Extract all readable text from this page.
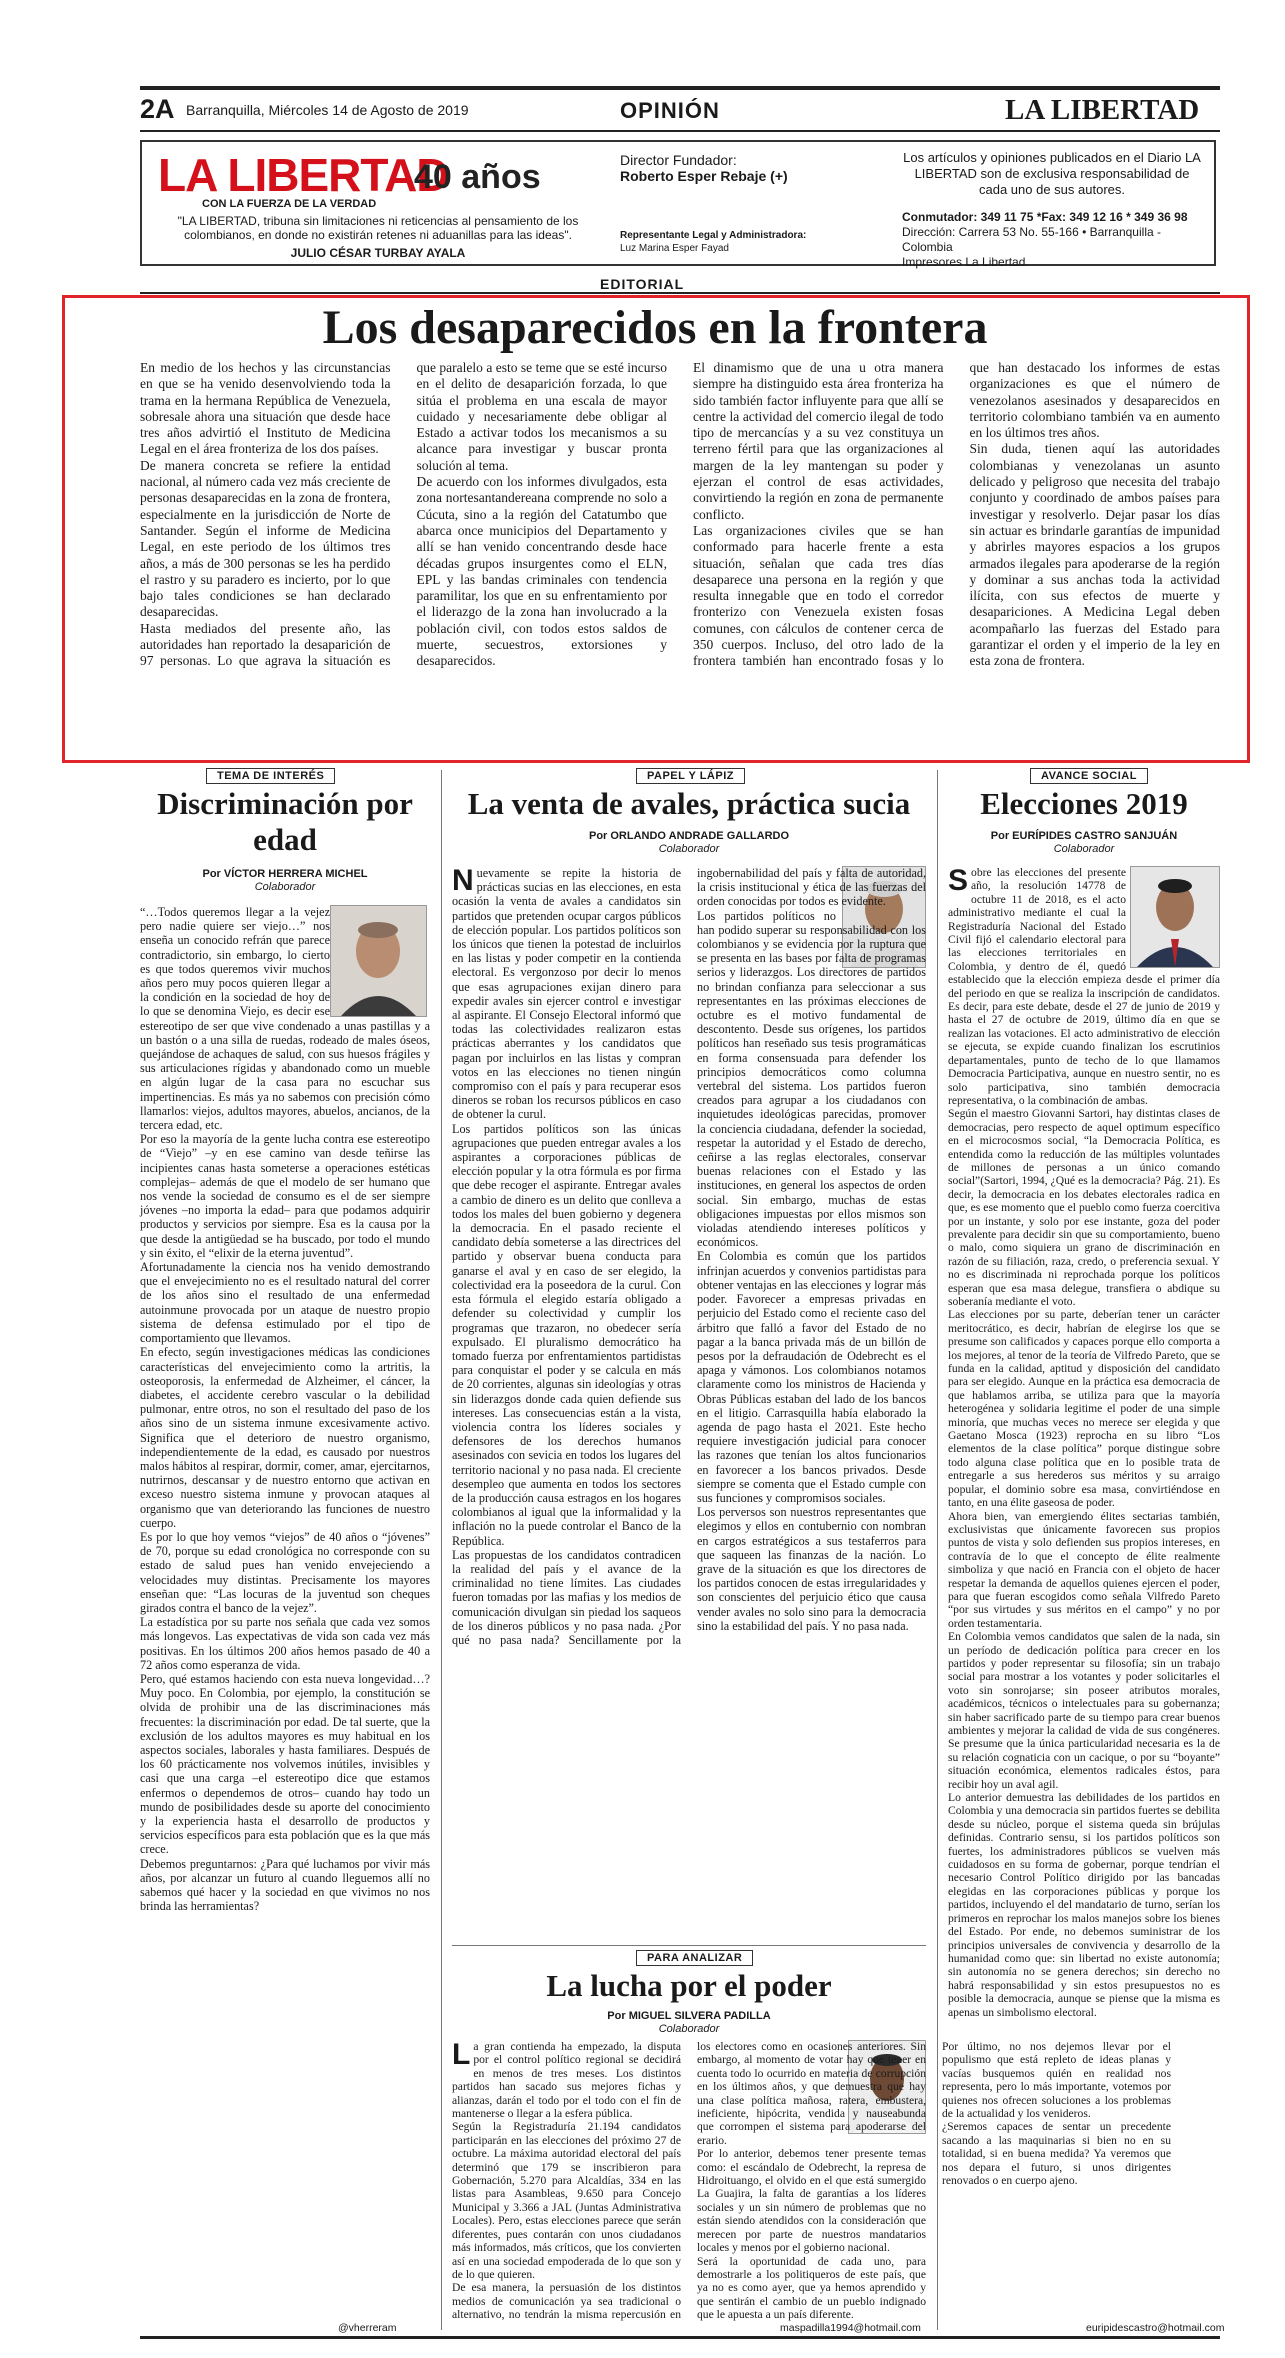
2A Barranquilla, Miércoles 14 de Agosto de 2019	OPINIÓN	LA LIBERTAD
LA LIBERTAD
40 años
CON LA FUERZA DE LA VERDAD
"LA LIBERTAD, tribuna sin limitaciones ni reticencias al pensamiento de los colombianos, en donde no existirán retenes ni aduanillas para las ideas".
JULIO CÉSAR TURBAY AYALA
Director Fundador:
Roberto Esper Rebaje (+)
Representante Legal y Administradora:
Luz Marina Esper Fayad
Los artículos y opiniones publicados en el Diario LA LIBERTAD son de exclusiva responsabilidad de cada uno de sus autores.
Conmutador: 349 11 75 *Fax: 349 12 16 * 349 36 98
Dirección: Carrera 53 No. 55-166 • Barranquilla - Colombia
Impresores La Libertad.
EDITORIAL
Los desaparecidos en la frontera

En medio de los hechos y las circunstancias en que se ha venido desenvolviendo toda la trama en la hermana República de Venezuela, sobresale ahora una situación que desde hace tres años advirtió el Instituto de Medicina Legal en el área fronteriza de los dos países.

De manera concreta se refiere la entidad nacional, al número cada vez más creciente de personas desaparecidas en la zona de frontera, especialmente en la jurisdicción de Norte de Santander. Según el informe de Medicina Legal, en este periodo de los últimos tres años, a más de 300 personas se les ha perdido el rastro y su paradero es incierto, por lo que bajo tales condiciones se han declarado desaparecidas.

Hasta mediados del presente año, las autoridades han reportado la desaparición de 97 personas. Lo que agrava la situación es que paralelo a esto se teme que se esté incurso en el delito de desaparición forzada, lo que sitúa el problema en una escala de mayor cuidado y necesariamente debe obligar al Estado a activar todos los mecanismos a su alcance para investigar y buscar pronta solución al tema.

De acuerdo con los informes divulgados, esta zona nortesantandereana comprende no solo a Cúcuta, sino a la región del Catatumbo que abarca once municipios del Departamento y allí se han venido concentrando desde hace décadas grupos insurgentes como el ELN, EPL y las bandas criminales con tendencia paramilitar, los que en su enfrentamiento por el liderazgo de la zona han involucrado a la población civil, con todos estos saldos de muerte, secuestros, extorsiones y desaparecidos.

El dinamismo que de una u otra manera siempre ha distinguido esta área fronteriza ha sido también factor influyente para que allí se centre la actividad del comercio ilegal de todo tipo de mercancías y a su vez constituya un terreno fértil para que las organizaciones al margen de la ley mantengan su poder y ejerzan el control de esas actividades, convirtiendo la región en zona de permanente conflicto.

Las organizaciones civiles que se han conformado para hacerle frente a esta situación, señalan que cada tres días desaparece una persona en la región y que resulta innegable que en todo el corredor fronterizo con Venezuela existen fosas comunes, con cálculos de contener cerca de 350 cuerpos. Incluso, del otro lado de la frontera también han encontrado fosas y lo que han destacado los informes de estas organizaciones es que el número de venezolanos asesinados y desaparecidos en territorio colombiano también va en aumento en los últimos tres años.

Sin duda, tienen aquí las autoridades colombianas y venezolanas un asunto delicado y peligroso que necesita del trabajo conjunto y coordinado de ambos países para investigar y resolverlo. Dejar pasar los días sin actuar es brindarle garantías de impunidad y abrirles mayores espacios a los grupos armados ilegales para apoderarse de la región y dominar a sus anchas toda la actividad ilícita, con sus efectos de muerte y desapariciones. A Medicina Legal deben acompañarlo las fuerzas del Estado para garantizar el orden y el imperio de la ley en esta zona de frontera.

TEMA DE INTERÉS
Discriminación por edad
Por VÍCTOR HERRERA MICHEL
Colaborador

“…Todos queremos llegar a la vejez pero nadie quiere ser viejo…” nos enseña un conocido refrán que parece contradictorio, sin embargo, lo cierto es que todos queremos vivir muchos años pero muy pocos quieren llegar a la condición en la sociedad de hoy de lo que se denomina Viejo, es decir ese estereotipo de ser que vive condenado a unas pastillas y a un bastón o a una silla de ruedas, rodeado de males óseos, quejándose de achaques de salud, con sus huesos frágiles y sus articulaciones rígidas y abandonado como un mueble en algún lugar de la casa para no escuchar sus impertinencias. Es más ya no sabemos con precisión cómo llamarlos: viejos, adultos mayores, abuelos, ancianos, de la tercera edad, etc.

Por eso la mayoría de la gente lucha contra ese estereotipo de “Viejo” –y en ese camino van desde teñirse las incipientes canas hasta someterse a operaciones estéticas complejas– además de que el modelo de ser humano que nos vende la sociedad de consumo es el de ser siempre jóvenes –no importa la edad– para que podamos adquirir productos y servicios por siempre. Esa es la causa por la que desde la antigüedad se ha buscado, por todo el mundo y sin éxito, el “elixir de la eterna juventud”.

Afortunadamente la ciencia nos ha venido demostrando que el envejecimiento no es el resultado natural del correr de los años sino el resultado de una enfermedad autoinmune provocada por un ataque de nuestro propio sistema de defensa estimulado por el tipo de comportamiento que llevamos.

En efecto, según investigaciones médicas las condiciones características del envejecimiento como la artritis, la osteoporosis, la enfermedad de Alzheimer, el cáncer, la diabetes, el accidente cerebro vascular o la debilidad pulmonar, entre otros, no son el resultado del paso de los años sino de un sistema inmune excesivamente activo. Significa que el deterioro de nuestro organismo, independientemente de la edad, es causado por nuestros malos hábitos al respirar, dormir, comer, amar, ejercitarnos, nutrirnos, descansar y de nuestro entorno que activan en exceso nuestro sistema inmune y provocan ataques al organismo que van deteriorando las funciones de nuestro cuerpo.

Es por lo que hoy vemos “viejos” de 40 años o “jóvenes” de 70, porque su edad cronológica no corresponde con su estado de salud pues han venido envejeciendo a velocidades muy distintas. Precisamente los mayores enseñan que: “Las locuras de la juventud son cheques girados contra el banco de la vejez”.

La estadística por su parte nos señala que cada vez somos más longevos. Las expectativas de vida son cada vez más positivas. En los últimos 200 años hemos pasado de 40 a 72 años como esperanza de vida.

Pero, qué estamos haciendo con esta nueva longevidad…? Muy poco. En Colombia, por ejemplo, la constitución se olvida de prohibir una de las discriminaciones más frecuentes: la discriminación por edad. De tal suerte, que la exclusión de los adultos mayores es muy habitual en los aspectos sociales, laborales y hasta familiares. Después de los 60 prácticamente nos volvemos inútiles, invisibles y casi que una carga –el estereotipo dice que estamos enfermos o dependemos de otros– cuando hay todo un mundo de posibilidades desde su aporte del conocimiento y la experiencia hasta el desarrollo de productos y servicios específicos para esta población que es la que más crece.

Debemos preguntarnos: ¿Para qué luchamos por vivir más años, por alcanzar un futuro al cuando lleguemos allí no sabemos qué hacer y la sociedad en que vivimos no nos brinda las herramientas?

@vherreram
PAPEL Y LÁPIZ
La venta de avales, práctica sucia
Por ORLANDO ANDRADE GALLARDO
Colaborador

Nuevamente se repite la historia de prácticas sucias en las elecciones, en esta ocasión la venta de avales a candidatos sin partidos que pretenden ocupar cargos públicos de elección popular. Los partidos políticos son los únicos que tienen la potestad de incluirlos en las listas y poder competir en la contienda electoral. Es vergonzoso por decir lo menos que esas agrupaciones exijan dinero para expedir avales sin ejercer control e investigar al aspirante. El Consejo Electoral informó que todas las colectividades realizaron estas prácticas aberrantes y los candidatos que pagan por incluirlos en las listas y compran votos en las elecciones no tienen ningún compromiso con el país y para recuperar esos dineros se roban los recursos públicos en caso de obtener la curul.

Los partidos políticos son las únicas agrupaciones que pueden entregar avales a los aspirantes a corporaciones públicas de elección popular y la otra fórmula es por firma que debe recoger el aspirante. Entregar avales a cambio de dinero es un delito que conlleva a todos los males del buen gobierno y degenera la democracia. En el pasado reciente el candidato debía someterse a las directrices del partido y observar buena conducta para ganarse el aval y en caso de ser elegido, la colectividad era la poseedora de la curul. Con esta fórmula el elegido estaría obligado a defender su colectividad y cumplir los programas que trazaron, no obedecer sería expulsado. El pluralismo democrático ha tomado fuerza por enfrentamientos partidistas para conquistar el poder y se calcula en más de 20 corrientes, algunas sin ideologías y otras sin liderazgos donde cada quien defiende sus intereses. Las consecuencias están a la vista, violencia contra los líderes sociales y defensores de los derechos humanos asesinados con sevicia en todos los lugares del territorio nacional y no pasa nada. El creciente desempleo que aumenta en todos los sectores de la producción causa estragos en los hogares colombianos al igual que la informalidad y la inflación no la puede controlar el Banco de la República.

Las propuestas de los candidatos contradicen la realidad del país y el avance de la criminalidad no tiene límites. Las ciudades fueron tomadas por las mafias y los medios de comunicación divulgan sin piedad los saqueos de los dineros públicos y no pasa nada. ¿Por qué no pasa nada? Sencillamente por la ingobernabilidad del país y falta de autoridad, la crisis institucional y ética de las fuerzas del orden conocidas por todos es evidente.

Los partidos políticos no han podido superar su responsabilidad con los colombianos y se evidencia por la ruptura que se presenta en las bases por falta de programas serios y liderazgos. Los directores de partidos no brindan confianza para seleccionar a sus representantes en las próximas elecciones de octubre es el motivo fundamental de descontento. Desde sus orígenes, los partidos políticos han reseñado sus tesis programáticas en forma consensuada para defender los principios democráticos como columna vertebral del sistema. Los partidos fueron creados para agrupar a los ciudadanos con inquietudes ideológicas parecidas, promover la conciencia ciudadana, defender la sociedad, respetar la autoridad y el Estado de derecho, ceñirse a las reglas electorales, conservar buenas relaciones con el Estado y las instituciones, en general los aspectos de orden social. Sin embargo, muchas de estas obligaciones impuestas por ellos mismos son violadas atendiendo intereses políticos y económicos.

En Colombia es común que los partidos infrinjan acuerdos y convenios partidistas para obtener ventajas en las elecciones y lograr más poder. Favorecer a empresas privadas en perjuicio del Estado como el reciente caso del árbitro que falló a favor del Estado de no pagar a la banca privada más de un billón de pesos por la defraudación de Odebrecht es el apaga y vámonos. Los colombianos notamos claramente como los ministros de Hacienda y Obras Públicas estaban del lado de los bancos en el litigio. Carrasquilla había elaborado la agenda de pago hasta el 2021. Este hecho requiere investigación judicial para conocer las razones que tenían los altos funcionarios en favorecer a los bancos privados. Desde siempre se comenta que el Estado cumple con sus funciones y compromisos sociales.

Los perversos son nuestros representantes que elegimos y ellos en contubernio con nombran en cargos estratégicos a sus testaferros para que saqueen las finanzas de la nación. Lo grave de la situación es que los directores de los partidos conocen de estas irregularidades y son conscientes del perjuicio ético que causa vender avales no solo sino para la democracia sino la estabilidad del país. Y no pasa nada.

PARA ANALIZAR
La lucha por el poder
Por MIGUEL SILVERA PADILLA
Colaborador

La gran contienda ha empezado, la disputa por el control político regional se decidirá en menos de tres meses. Los distintos partidos han sacado sus mejores fichas y alianzas, darán el todo por el todo con el fin de mantenerse o llegar a la esfera pública.

Según la Registraduría 21.194 candidatos participarán en las elecciones del próximo 27 de octubre. La máxima autoridad electoral del país determinó que 179 se inscribieron para Gobernación, 5.270 para Alcaldías, 334 en las listas para Asambleas, 9.650 para Concejo Municipal y 3.366 a JAL (Juntas Administrativa Locales). Pero, estas elecciones parece que serán diferentes, pues contarán con unos ciudadanos más informados, más críticos, que los convierten así en una sociedad empoderada de lo que son y de lo que quieren.

De esa manera, la persuasión de los distintos medios de comunicación ya sea tradicional o alternativo, no tendrán la misma repercusión en los electores como en ocasiones anteriores. Sin embargo, al momento de votar hay que tener en cuenta todo lo ocurrido en materia de corrupción en los últimos años, y que demuestra que hay una clase política mañosa, ratera, embustera, ineficiente, hipócrita, vendida y nauseabunda que corrompen el sistema para apoderarse del erario.

Por lo anterior, debemos tener presente temas como: el escándalo de Odebrecht, la represa de Hidroituango, el olvido en el que está sumergido La Guajira, la falta de garantías a los líderes sociales y un sin número de problemas que no están siendo atendidos con la consideración que merecen por parte de nuestros mandatarios locales y menos por el gobierno nacional.

Será la oportunidad de cada uno, para demostrarle a los politiqueros de este país, que ya no es como ayer, que ya hemos aprendido y que sentirán el cambio de un pueblo indignado que le apuesta a un país diferente.

Por último, no nos dejemos llevar por el populismo que está repleto de ideas planas y vacías busquemos quién en realidad nos representa, pero lo más importante, votemos por quienes nos ofrecen soluciones a los problemas de la actualidad y los venideros.

¿Seremos capaces de sentar un precedente sacando a las maquinarias si bien no en su totalidad, si en buena medida? Ya veremos que nos depara el futuro, si unos dirigentes renovados o en cuerpo ajeno.

maspadilla1994@hotmail.com
AVANCE SOCIAL
Elecciones 2019
Por EURÍPIDES CASTRO SANJUÁN
Colaborador

Sobre las elecciones del presente año, la resolución 14778 de octubre 11 de 2018, es el acto administrativo mediante el cual la Registraduría Nacional del Estado Civil fijó el calendario electoral para las elecciones territoriales en Colombia, y dentro de él, quedó establecido que la elección empieza desde el primer día del periodo en que se realiza la inscripción de candidatos. Es decir, para este debate, desde el 27 de junio de 2019 y hasta el 27 de octubre de 2019, último día en que se realizan las votaciones. El acto administrativo de elección se ejecuta, se expide cuando finalizan los escrutinios departamentales, punto de techo de lo que llamamos Democracia Participativa, aunque en nuestro sentir, no es solo participativa, sino también democracia representativa, o la combinación de ambas.

Según el maestro Giovanni Sartori, hay distintas clases de democracias, pero respecto de aquel optimum específico en el microcosmos social, “la Democracia Política, es entendida como la reducción de las múltiples voluntades de millones de personas a un único comando social”(Sartori, 1994, ¿Qué es la democracia? Pág. 21). Es decir, la democracia en los debates electorales radica en que, es ese momento que el pueblo como fuerza coercitiva por un instante, y solo por ese instante, goza del poder prevalente para decidir sin que su comportamiento, bueno o malo, como siquiera un grano de discriminación en razón de su filiación, raza, credo, o preferencia sexual. Y no es discriminada ni reprochada porque los políticos esperan que esa masa delegue, transfiera o abdique su soberanía mediante el voto.

Las elecciones por su parte, deberían tener un carácter meritocrático, es decir, habrían de elegirse los que se presume son calificados y capaces porque ello comporta a los mejores, al tenor de la teoría de Vilfredo Pareto, que se funda en la calidad, aptitud y disposición del candidato para ser elegido. Aunque en la práctica esa democracia de que hablamos arriba, se utiliza para que la mayoría heterogénea y solidaria legitime el poder de una simple minoría, que muchas veces no merece ser elegida y que Gaetano Mosca (1923) reprocha en su libro “Los elementos de la clase política” porque distingue sobre todo alguna clase política que en lo posible trata de entregarle a sus herederos sus méritos y su arraigo popular, el dominio sobre esa masa, convirtiéndose en tanto, en una élite gaseosa de poder.

Ahora bien, van emergiendo élites sectarias también, exclusivistas que únicamente favorecen sus propios puntos de vista y solo defienden sus propios intereses, en contravía de lo que el concepto de élite realmente simboliza y que nació en Francia con el objeto de hacer respetar la demanda de aquellos quienes ejercen el poder, para que fueran escogidos como señala Vilfredo Pareto “por sus virtudes y sus méritos en el campo” y no por orden testamentaria.

En Colombia vemos candidatos que salen de la nada, sin un período de dedicación política para crecer en los partidos y poder representar su filosofía; sin un trabajo social para mostrar a los votantes y poder solicitarles el voto sin sonrojarse; sin poseer atributos morales, académicos, técnicos o intelectuales para su gobernanza; sin haber sacrificado parte de su tiempo para crear buenos ambientes y mejorar la calidad de vida de sus congéneres. Se presume que la única particularidad necesaria es la de su relación cognaticia con un cacique, o por su “boyante” situación económica, elementos radicales éstos, para recibir hoy un aval agil.

Lo anterior demuestra las debilidades de los partidos en Colombia y una democracia sin partidos fuertes se debilita desde su núcleo, porque el sistema queda sin brújulas definidas. Contrario sensu, si los partidos políticos son fuertes, los administradores públicos se vuelven más cuidadosos en su forma de gobernar, porque tendrían el necesario Control Político dirigido por las bancadas elegidas en las corporaciones públicas y porque los partidos, incluyendo el del mandatario de turno, serían los primeros en reprochar los malos manejos sobre los bienes del Estado. Por ende, no debemos suministrar de los principios universales de convivencia y desarrollo de la humanidad como que: sin libertad no existe autonomía; sin autonomía no se genera derechos; sin derecho no habrá responsabilidad y sin estos presupuestos no es posible la democracia, aunque se piense que la misma es apenas un simbolismo electoral.

euripidescastro@hotmail.com
